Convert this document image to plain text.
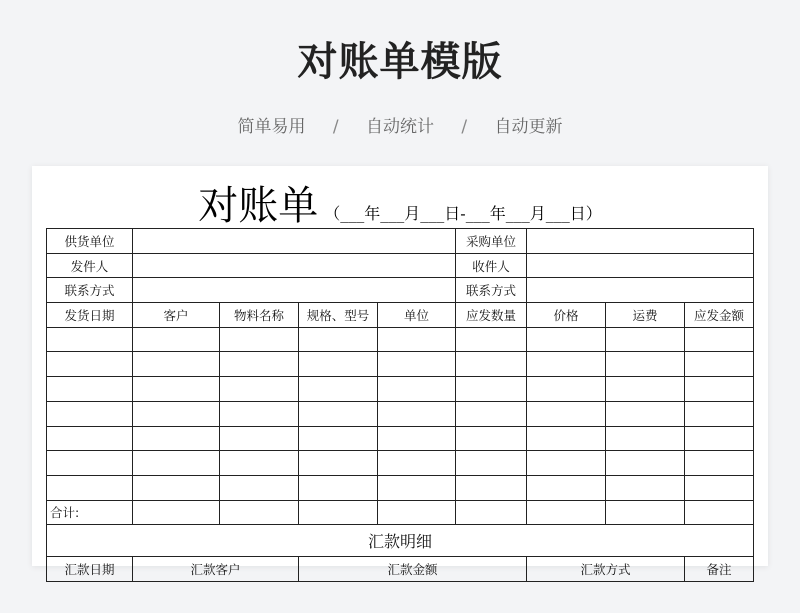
对账单模版
简单易用 / 自动统计 / 自动更新
对账单 （___年___月___日-___年___月___日）
供货单位					采购单位			
发件人					收件人			
联系方式					联系方式			
发货日期	客户	物料名称	规格、型号	单位	应发数量	价格	运费	应发金额

合计:								
汇款明细								
汇款日期	汇款客户		汇款金额			汇款方式		备注
